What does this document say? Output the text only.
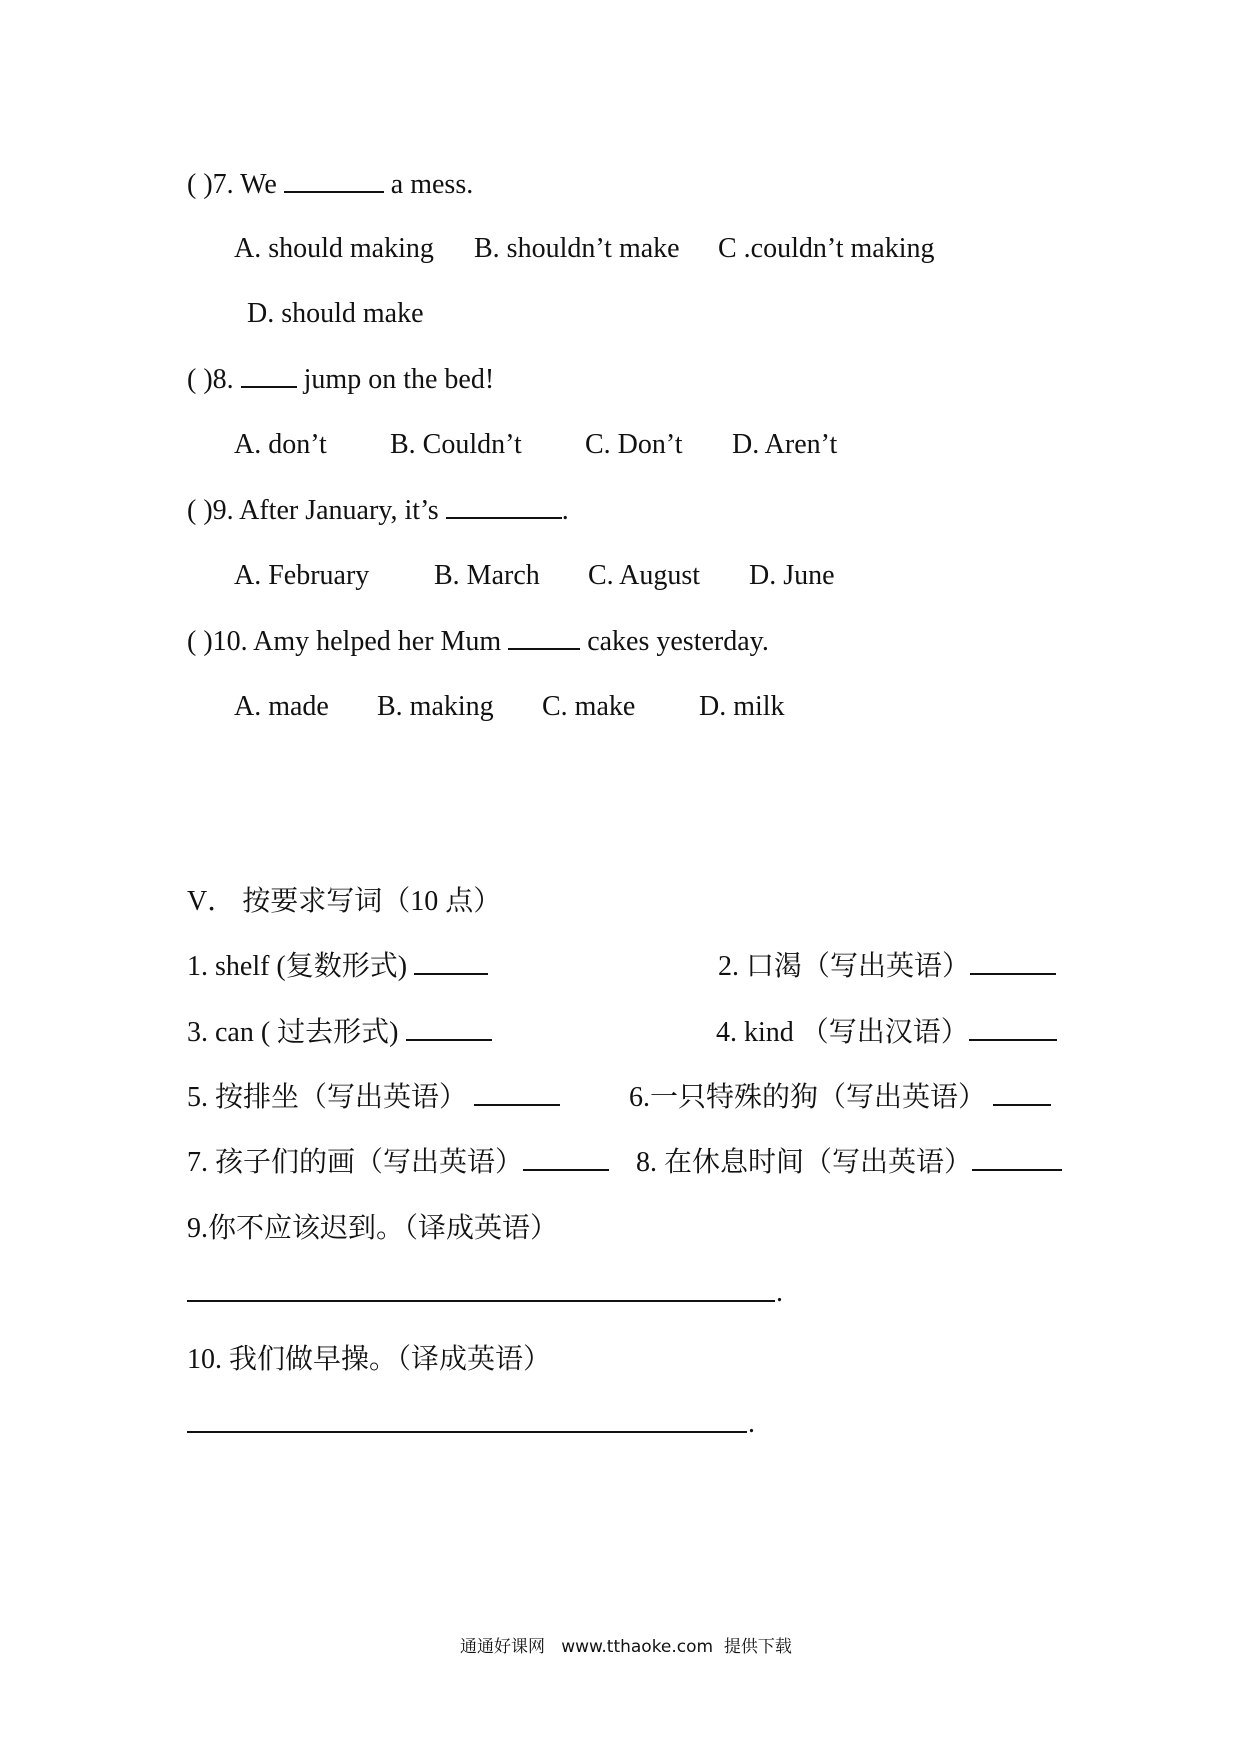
( )7. We	a mess.
A. should making B. shouldn’t make C .couldn’t making
D. should make
( )8.	jump on the bed!
A. don’t B. Couldn’t C. Don’t D. Aren’t
( )9. After January, it’s	.
A. February B. March C. August D. June
( )10. Amy helped her Mum	cakes yesterday.
A. made B. making C. make D. milk
V． 按要求写词（10 点）
1. shelf (复数形式)	2. 口渴（写出英语）
3. can ( 过去形式)	4. kind （写出汉语）
5. 按排坐（写出英语）	6.一只特殊的狗（写出英语）
7. 孩子们的画（写出英语）	8. 在休息时间（写出英语）
9.你不应该迟到。（译成英语）
.
10. 我们做早操。（译成英语）
.
通通好课网 www.tthaoke.com 提供下载
